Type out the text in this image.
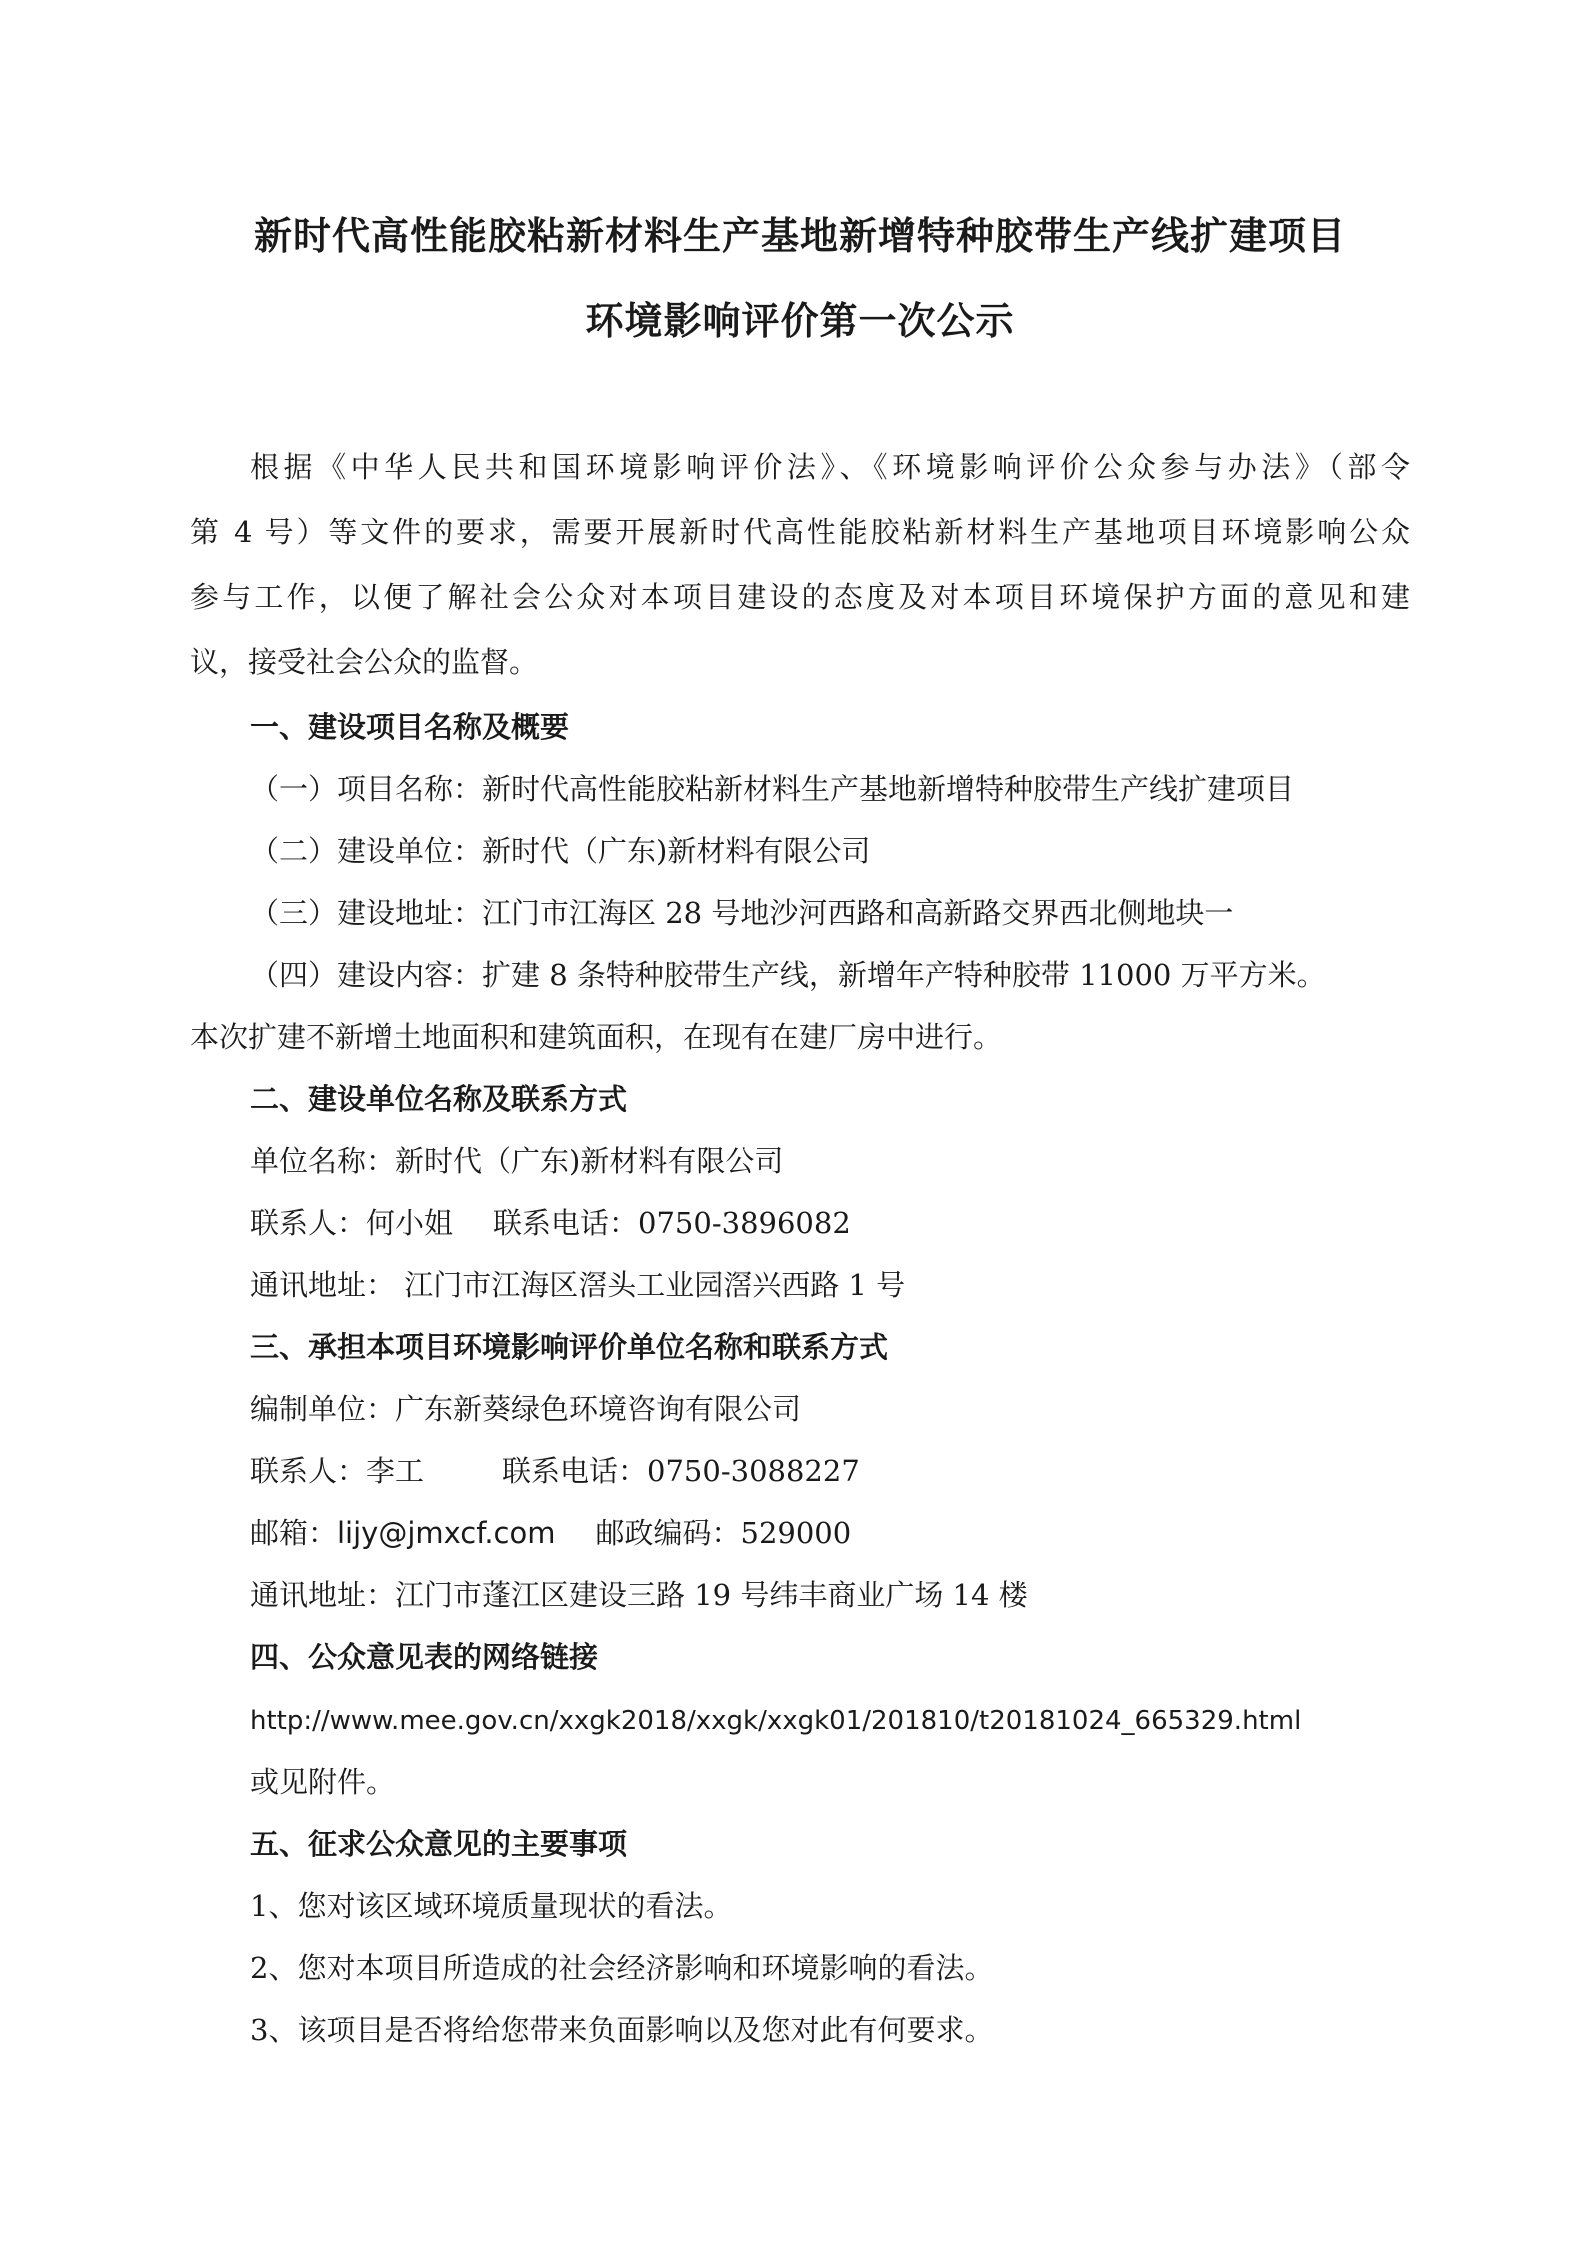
新时代高性能胶粘新材料生产基地新增特种胶带生产线扩建项目
环境影响评价第一次公示
根据《中华人民共和国环境影响评价法》、《环境影响评价公众参与办法》（部令
第 4 号）等文件的要求，需要开展新时代高性能胶粘新材料生产基地项目环境影响公众
参与工作，以便了解社会公众对本项目建设的态度及对本项目环境保护方面的意见和建
议，接受社会公众的监督。
一、建设项目名称及概要
（一）项目名称：新时代高性能胶粘新材料生产基地新增特种胶带生产线扩建项目
（二）建设单位：新时代（广东)新材料有限公司
（三）建设地址：江门市江海区 28 号地沙河西路和高新路交界西北侧地块一
（四）建设内容：扩建 8 条特种胶带生产线，新增年产特种胶带 11000 万平方米。
本次扩建不新增土地面积和建筑面积，在现有在建厂房中进行。
二、建设单位名称及联系方式
单位名称：新时代（广东)新材料有限公司
联系人：何小姐 联系电话：0750-3896082
通讯地址： 江门市江海区滘头工业园滘兴西路 1 号
三、承担本项目环境影响评价单位名称和联系方式
编制单位：广东新葵绿色环境咨询有限公司
联系人：李工	联系电话：0750-3088227
邮箱：lijy@jmxcf.com 邮政编码：529000
通讯地址：江门市蓬江区建设三路 19 号纬丰商业广场 14 楼
四、公众意见表的网络链接
http://www.mee.gov.cn/xxgk2018/xxgk/xxgk01/201810/t20181024_665329.html
或见附件。
五、征求公众意见的主要事项
1、您对该区域环境质量现状的看法。
2、您对本项目所造成的社会经济影响和环境影响的看法。
3、该项目是否将给您带来负面影响以及您对此有何要求。
